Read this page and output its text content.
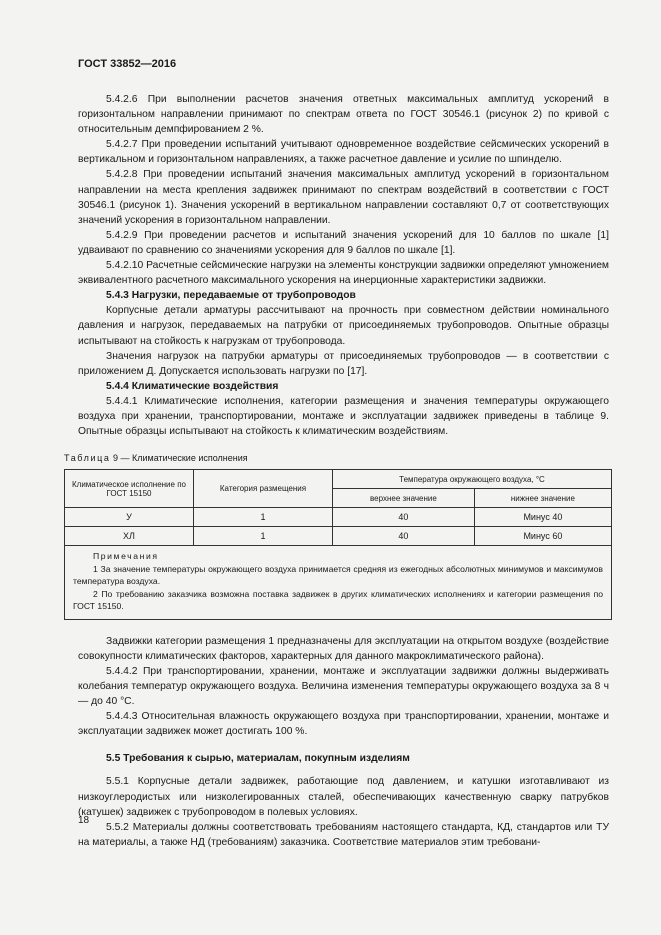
ГОСТ 33852—2016

5.4.2.6 При выполнении расчетов значения ответных максимальных амплитуд ускорений в горизонтальном направлении принимают по спектрам ответа по ГОСТ 30546.1 (рисунок 2) по кривой с относительным демпфированием 2 %.

5.4.2.7 При проведении испытаний учитывают одновременное воздействие сейсмических ускорений в вертикальном и горизонтальном направлениях, а также расчетное давление и усилие по шпинделю.

5.4.2.8 При проведении испытаний значения максимальных амплитуд ускорений в горизонтальном направлении на места крепления задвижек принимают по спектрам воздействий в соответствии с ГОСТ 30546.1 (рисунок 1). Значения ускорений в вертикальном направлении составляют 0,7 от соответствующих значений ускорения в горизонтальном направлении.

5.4.2.9 При проведении расчетов и испытаний значения ускорений для 10 баллов по шкале [1] удваивают по сравнению со значениями ускорения для 9 баллов по шкале [1].

5.4.2.10 Расчетные сейсмические нагрузки на элементы конструкции задвижки определяют умножением эквивалентного расчетного максимального ускорения на инерционные характеристики задвижки.

5.4.3 Нагрузки, передаваемые от трубопроводов

Корпусные детали арматуры рассчитывают на прочность при совместном действии номинального давления и нагрузок, передаваемых на патрубки от присоединяемых трубопроводов. Опытные образцы испытывают на стойкость к нагрузкам от трубопровода.

Значения нагрузок на патрубки арматуры от присоединяемых трубопроводов — в соответствии с приложением Д. Допускается использовать нагрузки по [17].

5.4.4 Климатические воздействия

5.4.4.1 Климатические исполнения, категории размещения и значения температуры окружающего воздуха при хранении, транспортировании, монтаже и эксплуатации задвижек приведены в таблице 9. Опытные образцы испытывают на стойкость к климатическим воздействиям.

Таблица 9 — Климатические исполнения
Климатическое исполнение по ГОСТ 15150	Категория размещения	Температура окружающего воздуха, °С	
		верхнее значение	нижнее значение
У	1	40	Минус 40
ХЛ	1	40	Минус 60

Примечания
1 За значение температуры окружающего воздуха принимается средняя из ежегодных абсолютных минимумов и максимумов температура воздуха.
2 По требованию заказчика возможна поставка задвижек в других климатических исполнениях и категории размещения по ГОСТ 15150.			

Задвижки категории размещения 1 предназначены для эксплуатации на открытом воздухе (воздействие совокупности климатических факторов, характерных для данного макроклиматического района).

5.4.4.2 При транспортировании, хранении, монтаже и эксплуатации задвижки должны выдерживать колебания температур окружающего воздуха. Величина изменения температуры окружающего воздуха за 8 ч — до 40 °С.

5.4.4.3 Относительная влажность окружающего воздуха при транспортировании, хранении, монтаже и эксплуатации задвижек может достигать 100 %.

5.5 Требования к сырью, материалам, покупным изделиям

5.5.1 Корпусные детали задвижек, работающие под давлением, и катушки изготавливают из низкоуглеродистых или низколегированных сталей, обеспечивающих качественную сварку патрубков (катушек) задвижек с трубопроводом в полевых условиях.

5.5.2 Материалы должны соответствовать требованиям настоящего стандарта, КД, стандартов или ТУ на материалы, а также НД (требованиям) заказчика. Соответствие материалов этим требовани-

18
